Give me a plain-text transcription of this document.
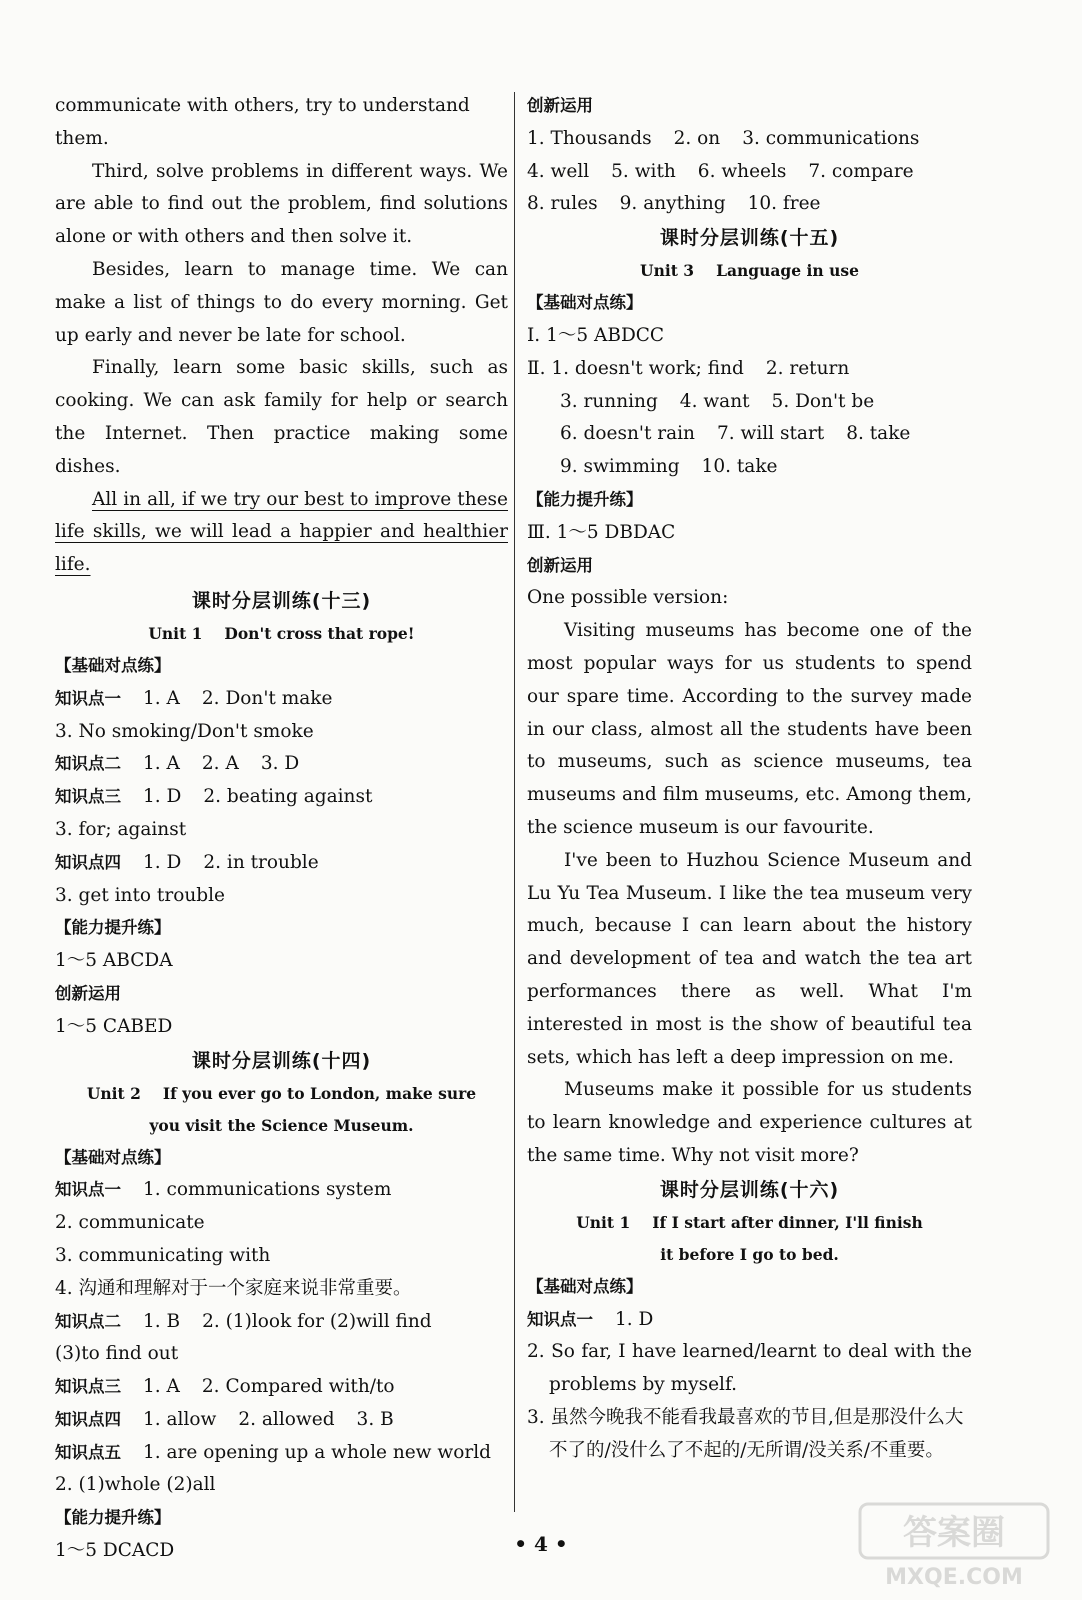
communicate with others, try to understand them.

Third, solve problems in different ways. We are able to find out the problem, find solutions alone or with others and then solve it.

Besides, learn to manage time. We can make a list of things to do every morning. Get up early and never be late for school.

Finally, learn some basic skills, such as cooking. We can ask family for help or search the Internet. Then practice making some dishes.

All in all, if we try our best to improve these life skills, we will lead a happier and healthier life.

课时分层训练(十三)
Unit 1 Don't cross that rope!
【基础对点练】
知识点一 1. A 2. Don't make
3. No smoking/Don't smoke
知识点二 1. A 2. A 3. D
知识点三 1. D 2. beating against
3. for; against
知识点四 1. D 2. in trouble
3. get into trouble
【能力提升练】
1～5 ABCDA
创新运用
1～5 CABED
课时分层训练(十四)
Unit 2 If you ever go to London, make sure
you visit the Science Museum.
【基础对点练】
知识点一 1. communications system
2. communicate
3. communicating with
4. 沟通和理解对于一个家庭来说非常重要。
知识点二 1. B 2. (1)look for (2)will find
(3)to find out
知识点三 1. A 2. Compared with/to
知识点四 1. allow 2. allowed 3. B
知识点五 1. are opening up a whole new world
2. (1)whole (2)all
【能力提升练】
1～5 DCACD
创新运用
1. Thousands 2. on 3. communications
4. well 5. with 6. wheels 7. compare
8. rules 9. anything 10. free
课时分层训练(十五)
Unit 3 Language in use
【基础对点练】
Ⅰ. 1～5 ABDCC
Ⅱ. 1. doesn't work; find 2. return
3. running 4. want 5. Don't be
6. doesn't rain 7. will start 8. take
9. swimming 10. take
【能力提升练】
Ⅲ. 1～5 DBDAC
创新运用
One possible version:

Visiting museums has become one of the most popular ways for us students to spend our spare time. According to the survey made in our class, almost all the students have been to museums, such as science museums, tea museums and film museums, etc. Among them, the science museum is our favourite.

I've been to Huzhou Science Museum and Lu Yu Tea Museum. I like the tea museum very much, because I can learn about the history and development of tea and watch the tea art performances there as well. What I'm interested in most is the show of beautiful tea sets, which has left a deep impression on me.

Museums make it possible for us students to learn knowledge and experience cultures at the same time. Why not visit more?

课时分层训练(十六)
Unit 1 If I start after dinner, I'll finish
it before I go to bed.
【基础对点练】
知识点一 1. D
2. So far, I have learned/learnt to deal with the problems by myself.
3. 虽然今晚我不能看我最喜欢的节目,但是那没什么大不了的/没什么了不起的/无所谓/没关系/不重要。
• 4 •	答案圈
MXQE.COM
